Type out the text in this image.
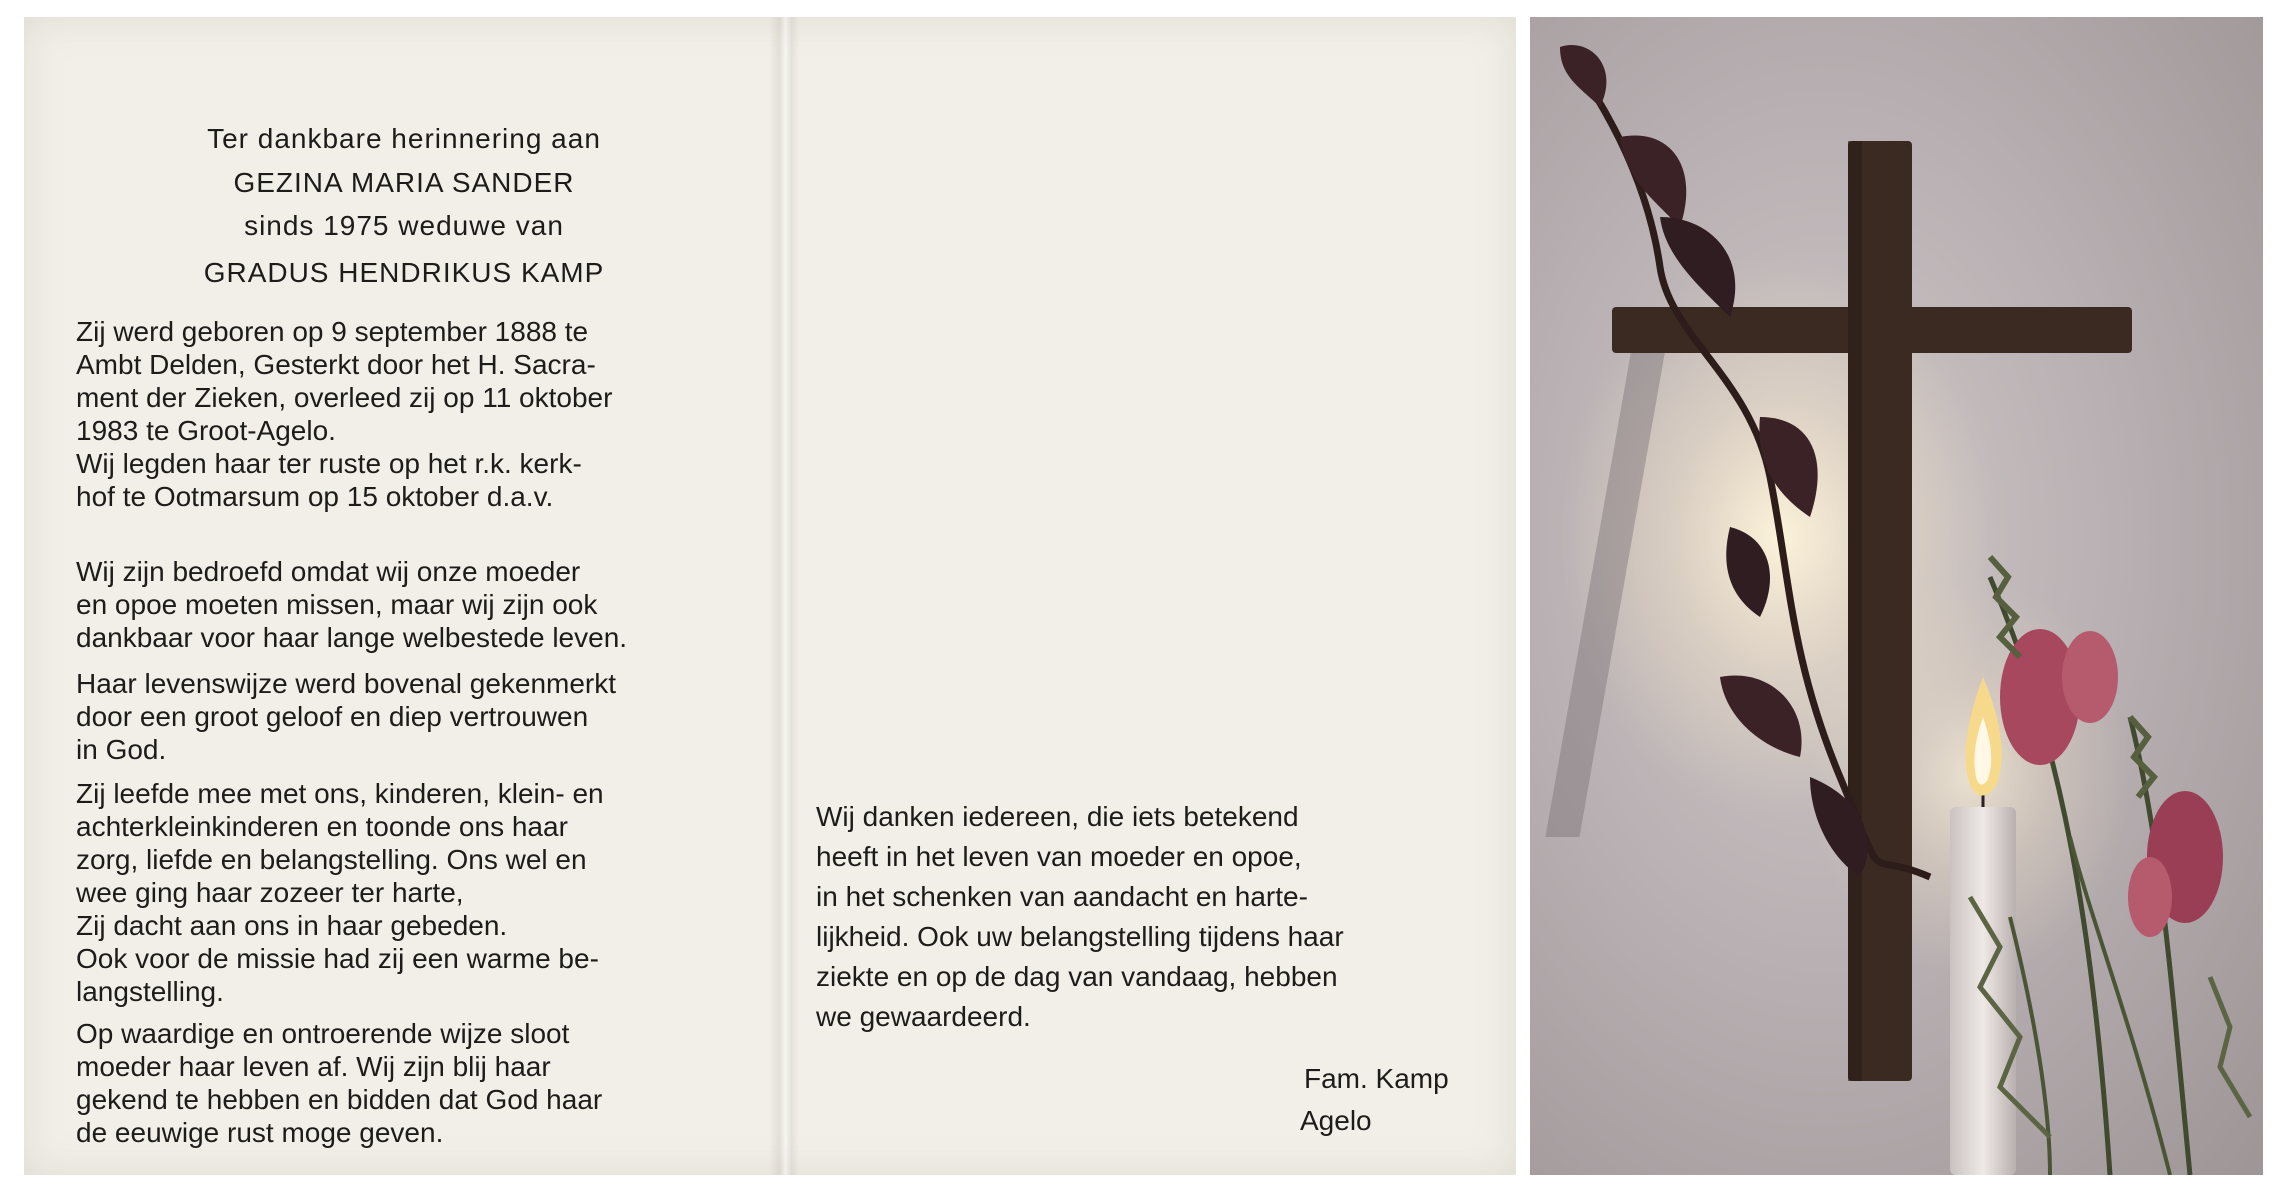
Ter dankbare herinnering aan
GEZINA MARIA SANDER
sinds 1975 weduwe van
GRADUS HENDRIKUS KAMP

Zij werd geboren op 9 september 1888 te
Ambt Delden, Gesterkt door het H. Sacra-
ment der Zieken, overleed zij op 11 oktober
1983 te Groot-Agelo.
Wij legden haar ter ruste op het r.k. kerk-
hof te Ootmarsum op 15 oktober d.a.v.

Wij zijn bedroefd omdat wij onze moeder
en opoe moeten missen, maar wij zijn ook
dankbaar voor haar lange welbestede leven.

Haar levenswijze werd bovenal gekenmerkt
door een groot geloof en diep vertrouwen
in God.

Zij leefde mee met ons, kinderen, klein- en
achterkleinkinderen en toonde ons haar
zorg, liefde en belangstelling. Ons wel en
wee ging haar zozeer ter harte,
Zij dacht aan ons in haar gebeden.
Ook voor de missie had zij een warme be-
langstelling.

Op waardige en ontroerende wijze sloot
moeder haar leven af. Wij zijn blij haar
gekend te hebben en bidden dat God haar
de eeuwige rust moge geven.

Wij danken iedereen, die iets betekend
heeft in het leven van moeder en opoe,
in het schenken van aandacht en harte-
lijkheid. Ook uw belangstelling tijdens haar
ziekte en op de dag van vandaag, hebben
we gewaardeerd.

Fam. Kamp

Agelo
